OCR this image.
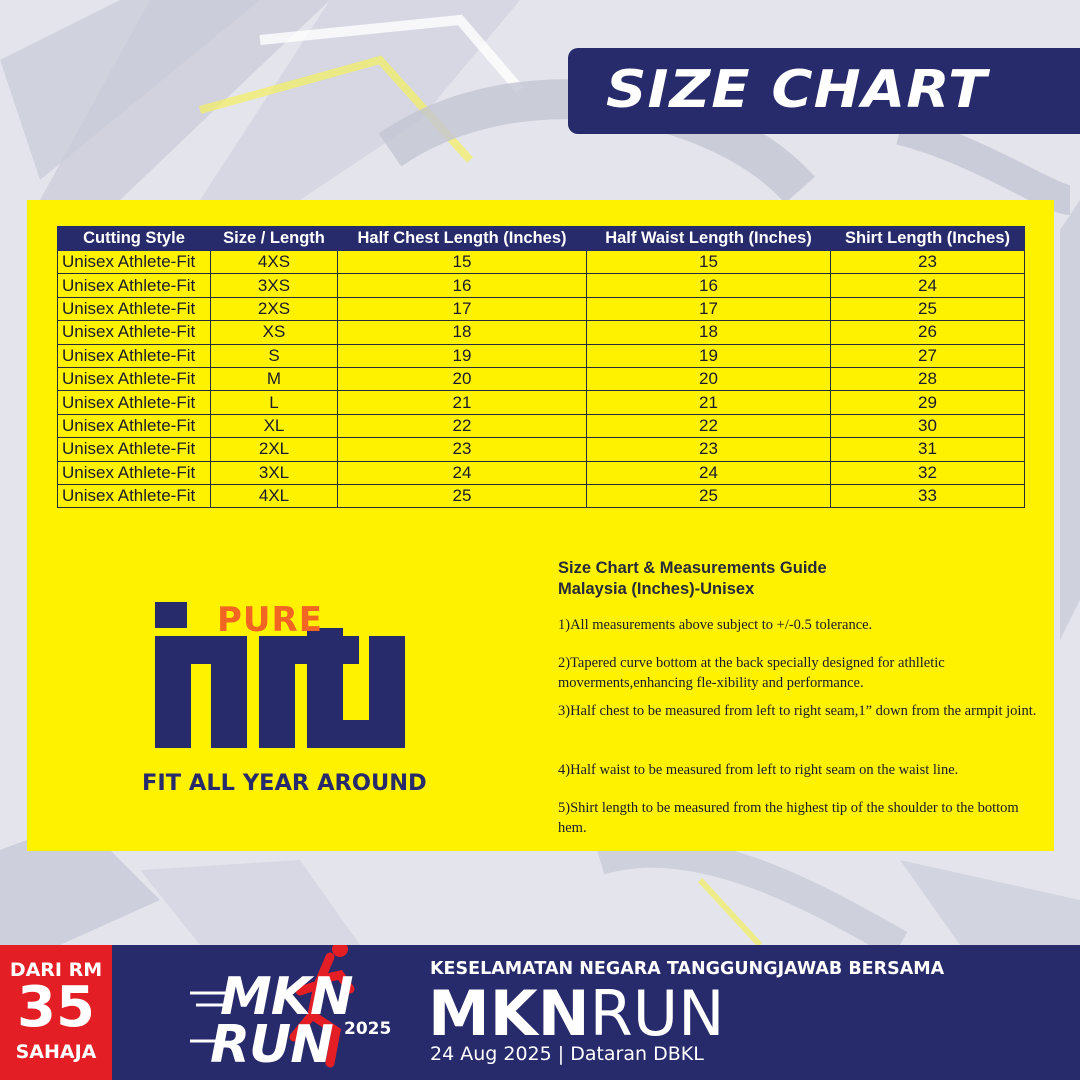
SIZE CHART
Cutting Style	Size / Length	Half Chest Length (Inches)	Half Waist Length (Inches)	Shirt Length (Inches)
Unisex Athlete-Fit	4XS	15	15	23
Unisex Athlete-Fit	3XS	16	16	24
Unisex Athlete-Fit	2XS	17	17	25
Unisex Athlete-Fit	XS	18	18	26
Unisex Athlete-Fit	S	19	19	27
Unisex Athlete-Fit	M	20	20	28
Unisex Athlete-Fit	L	21	21	29
Unisex Athlete-Fit	XL	22	22	30
Unisex Athlete-Fit	2XL	23	23	31
Unisex Athlete-Fit	3XL	24	24	32
Unisex Athlete-Fit	4XL	25	25	33
PURE
FIT ALL YEAR AROUND
Size Chart & Measurements Guide
Malaysia (Inches)-Unisex
1)All measurements above subject to +/-0.5 tolerance.
2)Tapered curve bottom at the back specially designed for athlletic moverments,enhancing fle-xibility and performance.
3)Half chest to be measured from left to right seam,1” down from the armpit joint.
4)Half waist to be measured from left to right seam on the waist line.
5)Shirt length to be measured from the highest tip of the shoulder to the bottom hem.
DARI RM
35
SAHAJA
MKN
RUN 2025
KESELAMATAN NEGARA TANGGUNGJAWAB BERSAMA
MKNRUN
24 Aug 2025 | Dataran DBKL
